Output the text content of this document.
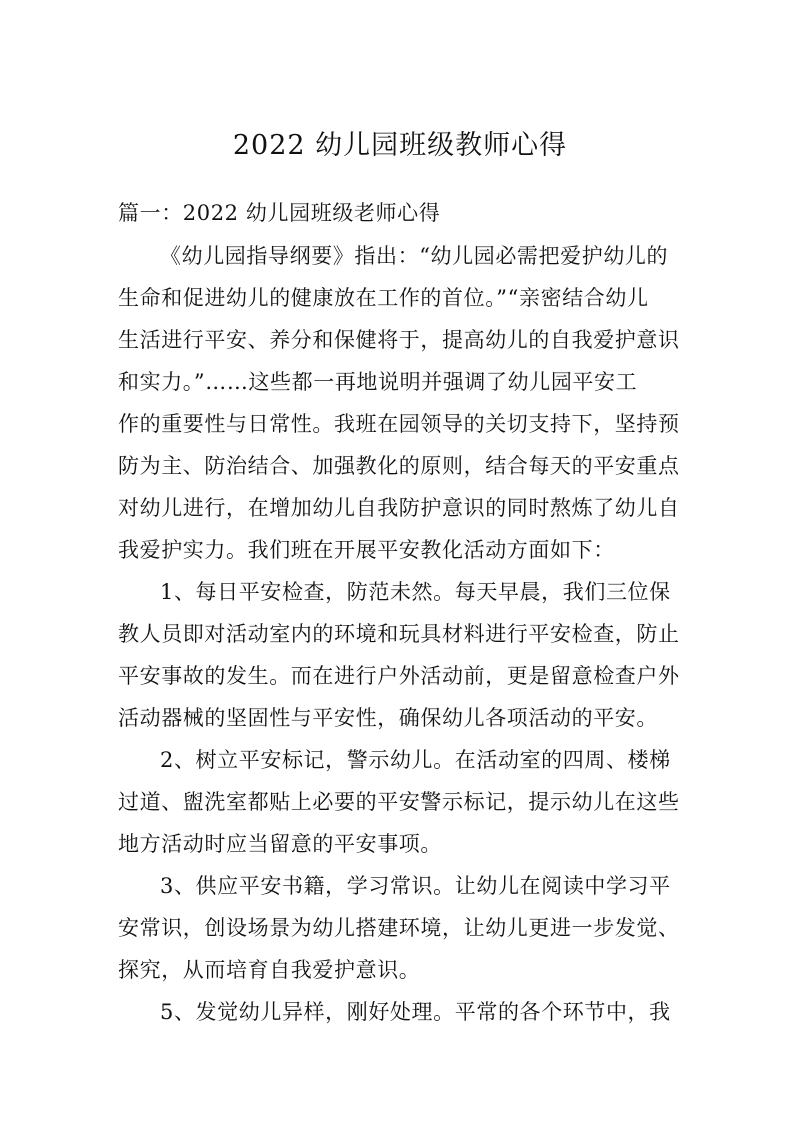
2022 幼儿园班级教师心得
篇一：2022 幼儿园班级老师心得
《幼儿园指导纲要》指出：“幼儿园必需把爱护幼儿的
生命和促进幼儿的健康放在工作的首位。”“亲密结合幼儿
生活进行平安、养分和保健将于，提高幼儿的自我爱护意识
和实力。”……这些都一再地说明并强调了幼儿园平安工
作的重要性与日常性。我班在园领导的关切支持下，坚持预
防为主、防治结合、加强教化的原则，结合每天的平安重点
对幼儿进行，在增加幼儿自我防护意识的同时熬炼了幼儿自
我爱护实力。我们班在开展平安教化活动方面如下：
1、每日平安检查，防范未然。每天早晨，我们三位保
教人员即对活动室内的环境和玩具材料进行平安检查，防止
平安事故的发生。而在进行户外活动前，更是留意检查户外
活动器械的坚固性与平安性，确保幼儿各项活动的平安。
2、树立平安标记，警示幼儿。在活动室的四周、楼梯
过道、盥洗室都贴上必要的平安警示标记，提示幼儿在这些
地方活动时应当留意的平安事项。
3、供应平安书籍，学习常识。让幼儿在阅读中学习平
安常识，创设场景为幼儿搭建环境，让幼儿更进一步发觉、
探究，从而培育自我爱护意识。
5、发觉幼儿异样，刚好处理。平常的各个环节中，我
